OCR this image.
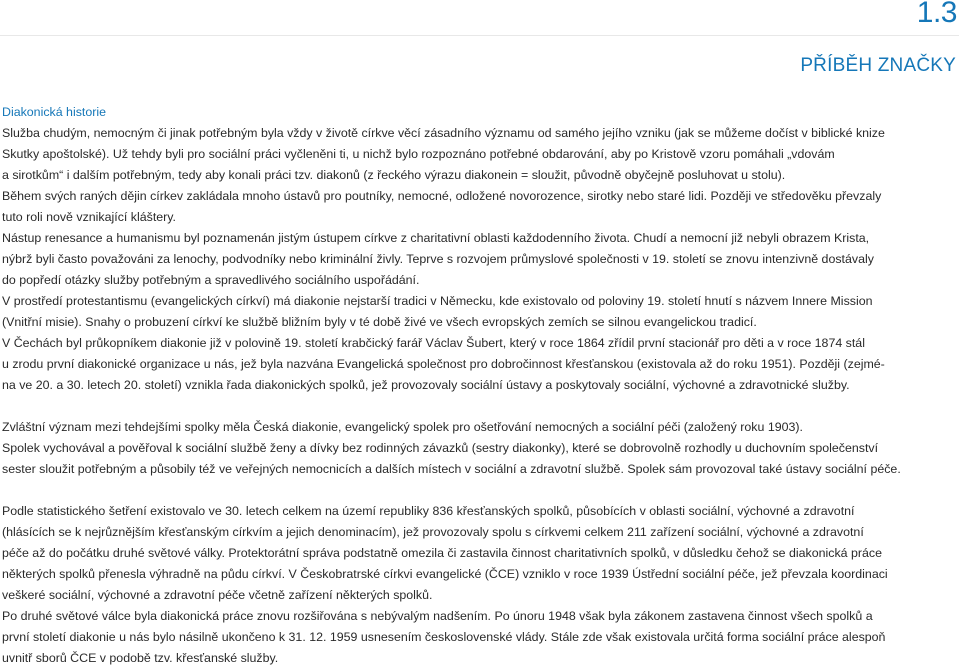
1.3
PŘÍBĚH ZNAČKY

Diakonická historie

Služba chudým, nemocným či jinak potřebným byla vždy v životě církve věcí zásadního významu od samého jejího vzniku (jak se můžeme dočíst v biblické knize

Skutky apoštolské). Už tehdy byli pro sociální práci vyčleněni ti, u nichž bylo rozpoznáno potřebné obdarování, aby po Kristově vzoru pomáhali „vdovám

a sirotkům“ i dalším potřebným, tedy aby konali práci tzv. diakonů (z řeckého výrazu diakonein = sloužit, původně obyčejně posluhovat u stolu).

Během svých raných dějin církev zakládala mnoho ústavů pro poutníky, nemocné, odložené novorozence, sirotky nebo staré lidi. Později ve středověku převzaly

tuto roli nově vznikající kláštery.

Nástup renesance a humanismu byl poznamenán jistým ústupem církve z charitativní oblasti každodenního života. Chudí a nemocní již nebyli obrazem Krista,

nýbrž byli často považováni za lenochy, podvodníky nebo kriminální živly. Teprve s rozvojem průmyslové společnosti v 19. století se znovu intenzivně dostávaly

do popředí otázky služby potřebným a spravedlivého sociálního uspořádání.

V prostředí protestantismu (evangelických církví) má diakonie nejstarší tradici v Německu, kde existovalo od poloviny 19. století hnutí s názvem Innere Mission

(Vnitřní misie). Snahy o probuzení církví ke službě bližním byly v té době živé ve všech evropských zemích se silnou evangelickou tradicí.

V Čechách byl průkopníkem diakonie již v polovině 19. století krabčický farář Václav Šubert, který v roce 1864 zřídil první stacionář pro děti a v roce 1874 stál

u zrodu první diakonické organizace u nás, jež byla nazvána Evangelická společnost pro dobročinnost křesťanskou (existovala až do roku 1951). Později (zejmé-

na ve 20. a 30. letech 20. století) vznikla řada diakonických spolků, jež provozovaly sociální ústavy a poskytovaly sociální, výchovné a zdravotnické služby.

Zvláštní význam mezi tehdejšími spolky měla Česká diakonie, evangelický spolek pro ošetřování nemocných a sociální péči (založený roku 1903).

Spolek vychovával a pověřoval k sociální službě ženy a dívky bez rodinných závazků (sestry diakonky), které se dobrovolně rozhodly u duchovním společenství

sester sloužit potřebným a působily též ve veřejných nemocnicích a dalších místech v sociální a zdravotní službě. Spolek sám provozoval také ústavy sociální péče.

Podle statistického šetření existovalo ve 30. letech celkem na území republiky 836 křesťanských spolků, působících v oblasti sociální, výchovné a zdravotní

(hlásících se k nejrůznějším křesťanským církvím a jejich denominacím), jež provozovaly spolu s církvemi celkem 211 zařízení sociální, výchovné a zdravotní

péče až do počátku druhé světové války. Protektorátní správa podstatně omezila či zastavila činnost charitativních spolků, v důsledku čehož se diakonická práce

některých spolků přenesla výhradně na půdu církví. V Českobratrské církvi evangelické (ČCE) vzniklo v roce 1939 Ústřední sociální péče, jež převzala koordinaci

veškeré sociální, výchovné a zdravotní péče včetně zařízení některých spolků.

Po druhé světové válce byla diakonická práce znovu rozšiřována s nebývalým nadšením. Po únoru 1948 však byla zákonem zastavena činnost všech spolků a

první století diakonie u nás bylo násilně ukončeno k 31. 12. 1959 usnesením československé vlády. Stále zde však existovala určitá forma sociální práce alespoň

uvnitř sborů ČCE v podobě tzv. křesťanské služby.
